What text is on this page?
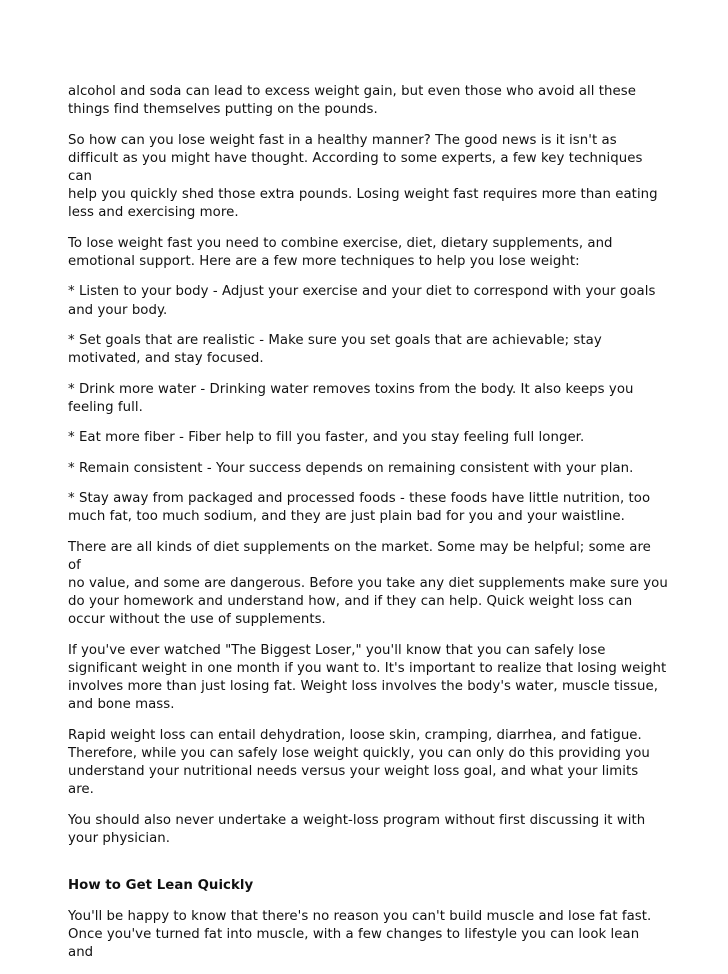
alcohol and soda can lead to excess weight gain, but even those who avoid all these
things find themselves putting on the pounds.

So how can you lose weight fast in a healthy manner? The good news is it isn't as
difficult as you might have thought. According to some experts, a few key techniques can
help you quickly shed those extra pounds. Losing weight fast requires more than eating
less and exercising more.

To lose weight fast you need to combine exercise, diet, dietary supplements, and
emotional support. Here are a few more techniques to help you lose weight:

* Listen to your body - Adjust your exercise and your diet to correspond with your goals
and your body.

* Set goals that are realistic - Make sure you set goals that are achievable; stay
motivated, and stay focused.

* Drink more water - Drinking water removes toxins from the body. It also keeps you
feeling full.

* Eat more fiber - Fiber help to fill you faster, and you stay feeling full longer.

* Remain consistent - Your success depends on remaining consistent with your plan.

* Stay away from packaged and processed foods - these foods have little nutrition, too
much fat, too much sodium, and they are just plain bad for you and your waistline.

There are all kinds of diet supplements on the market. Some may be helpful; some are of
no value, and some are dangerous. Before you take any diet supplements make sure you
do your homework and understand how, and if they can help. Quick weight loss can
occur without the use of supplements.

If you've ever watched "The Biggest Loser," you'll know that you can safely lose
significant weight in one month if you want to. It's important to realize that losing weight
involves more than just losing fat. Weight loss involves the body's water, muscle tissue,
and bone mass.

Rapid weight loss can entail dehydration, loose skin, cramping, diarrhea, and fatigue.
Therefore, while you can safely lose weight quickly, you can only do this providing you
understand your nutritional needs versus your weight loss goal, and what your limits are.

You should also never undertake a weight-loss program without first discussing it with
your physician.

How to Get Lean Quickly

You'll be happy to know that there's no reason you can't build muscle and lose fat fast.
Once you've turned fat into muscle, with a few changes to lifestyle you can look lean and
